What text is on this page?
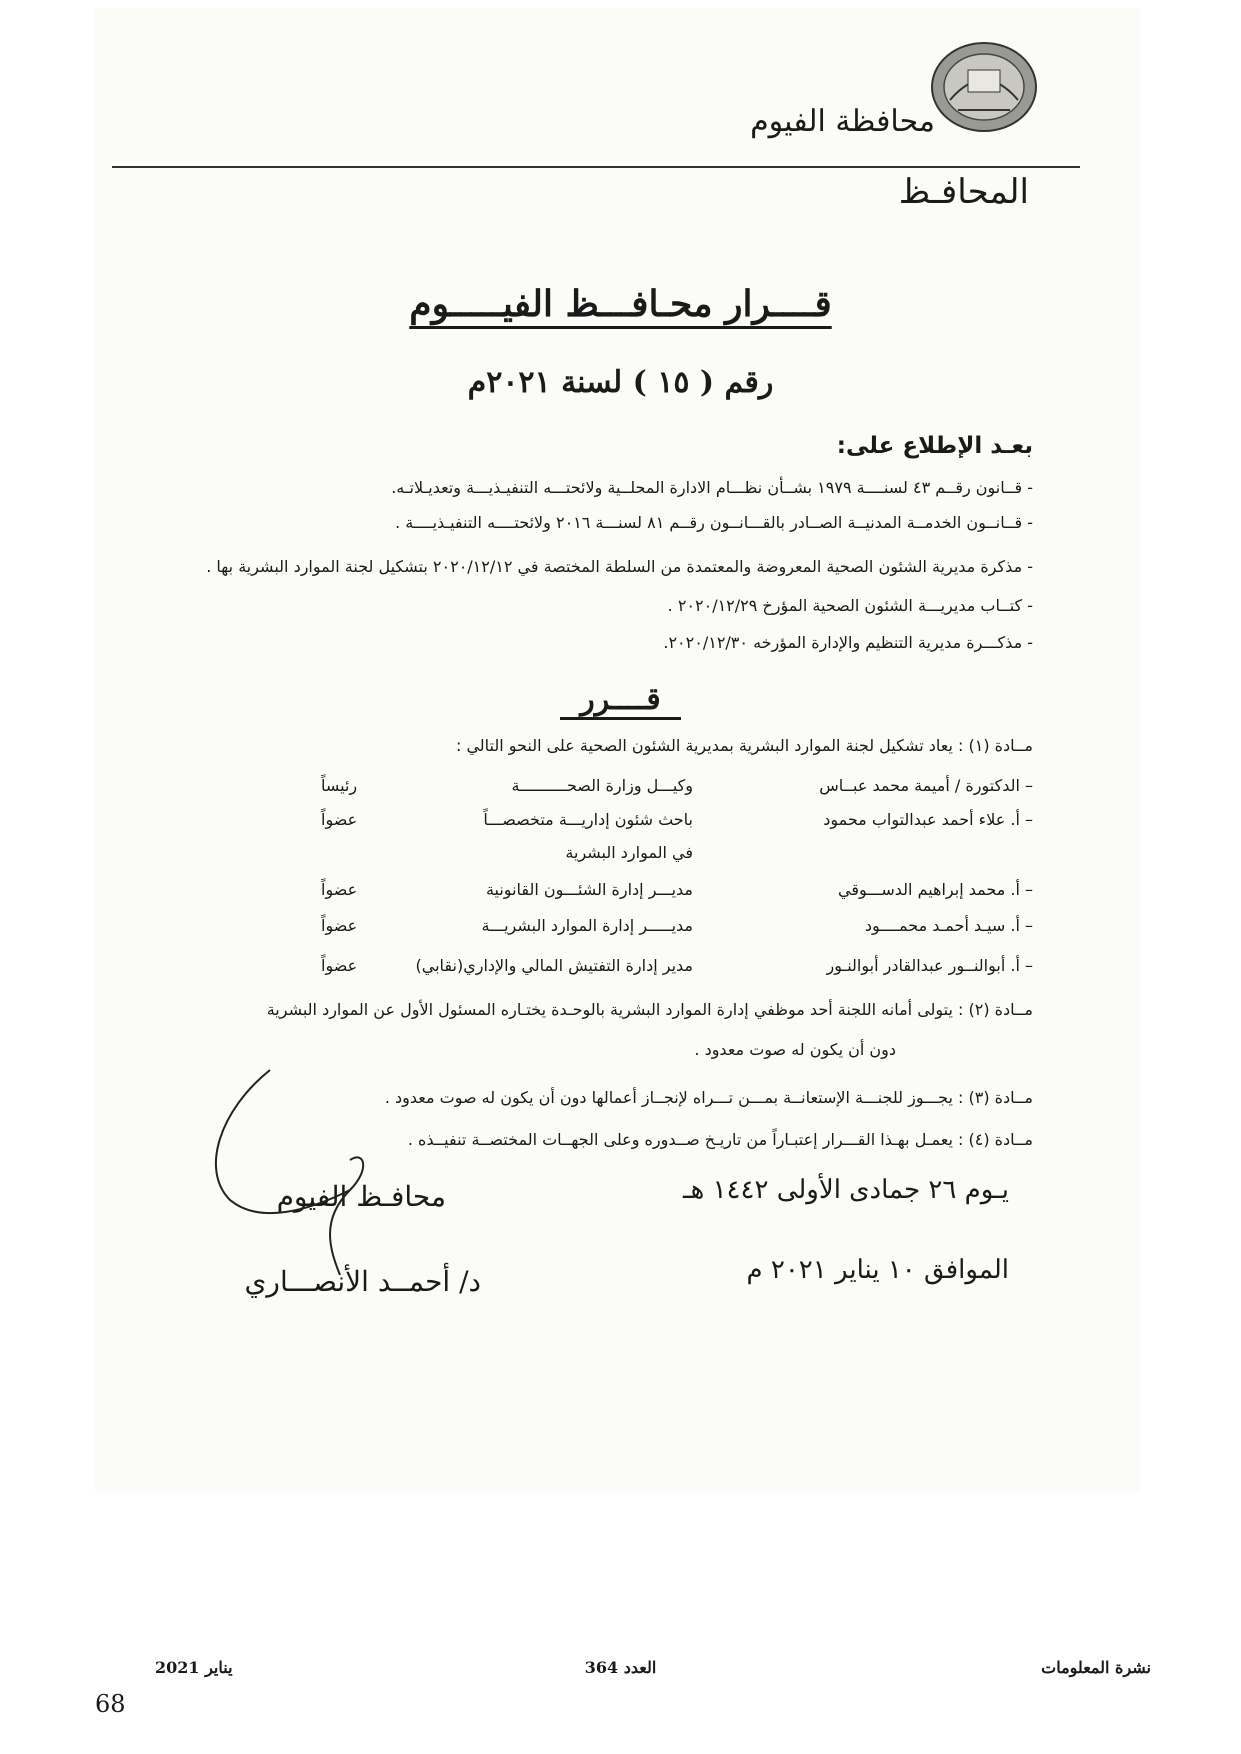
محافظة الفيوم
المحافـظ
قــــرار محـافـــظ الفيـــــوم
رقم ( ١٥ ) لسنة ٢٠٢١م
بعـد الإطلاع على:
- قــانون رقــم ٤٣ لسنــــة ١٩٧٩ بشــأن نظـــام الادارة المحلــية ولائحتـــه التنفيـذيـــة وتعديـلاتـه.
- قــانــون الخدمــة المدنيــة الصــادر بالقـــانــون رقــم ٨١ لسنـــة ٢٠١٦ ولائحتــــه التنفيـذيــــة .
- مذكرة مديرية الشئون الصحية المعروضة والمعتمدة من السلطة المختصة في ٢٠٢٠/١٢/١٢ بتشكيل لجنة الموارد البشرية بها .
- كتــاب مديريـــة الشئون الصحية المؤرخ ٢٠٢٠/١٢/٢٩ .
- مذكـــرة مديرية التنظيم والإدارة المؤرخه ٢٠٢٠/١٢/٣٠.
قــــرر
مــادة (١) : يعاد تشكيل لجنة الموارد البشرية بمديرية الشئون الصحية على النحو التالي :
– الدكتورة / أميمة محمد عبــاس
وكيـــل وزارة الصحــــــــــة
رئيساً
– أ. علاء أحمد عبدالتواب محمود
باحث شئون إداريـــة متخصصـــاً
عضواً
في الموارد البشرية
– أ. محمد إبراهيم الدســـوقي
مديـــر إدارة الشئـــون القانونية
عضواً
– أ. سيـد أحمـد محمــــود
مديـــــر إدارة الموارد البشريـــة
عضواً
– أ. أبوالنــور عبدالقادر أبوالنـور
مدير إدارة التفتيش المالي والإداري(نقابي)
عضواً
مــادة (٢) : يتولى أمانه اللجنة أحد موظفي إدارة الموارد البشرية بالوحـدة يختـاره المسئول الأول عن الموارد البشرية
دون أن يكون له صوت معدود .
مــادة (٣) : يجـــوز للجنـــة الإستعانــة بمـــن تـــراه لإنجــاز أعمالها دون أن يكون له صوت معدود .
مــادة (٤) : يعمـل بهـذا القـــرار إعتبـاراً من تاريـخ صــدوره وعلى الجهــات المختصــة تنفيــذه .
يـوم ٢٦ جمادى الأولى ١٤٤٢ هـ
الموافق ١٠ يناير ٢٠٢١ م
محافـظ الفيوم
د/ أحمــد الأنصـــاري
نشرة المعلومات
العدد 364
يناير 2021
68
